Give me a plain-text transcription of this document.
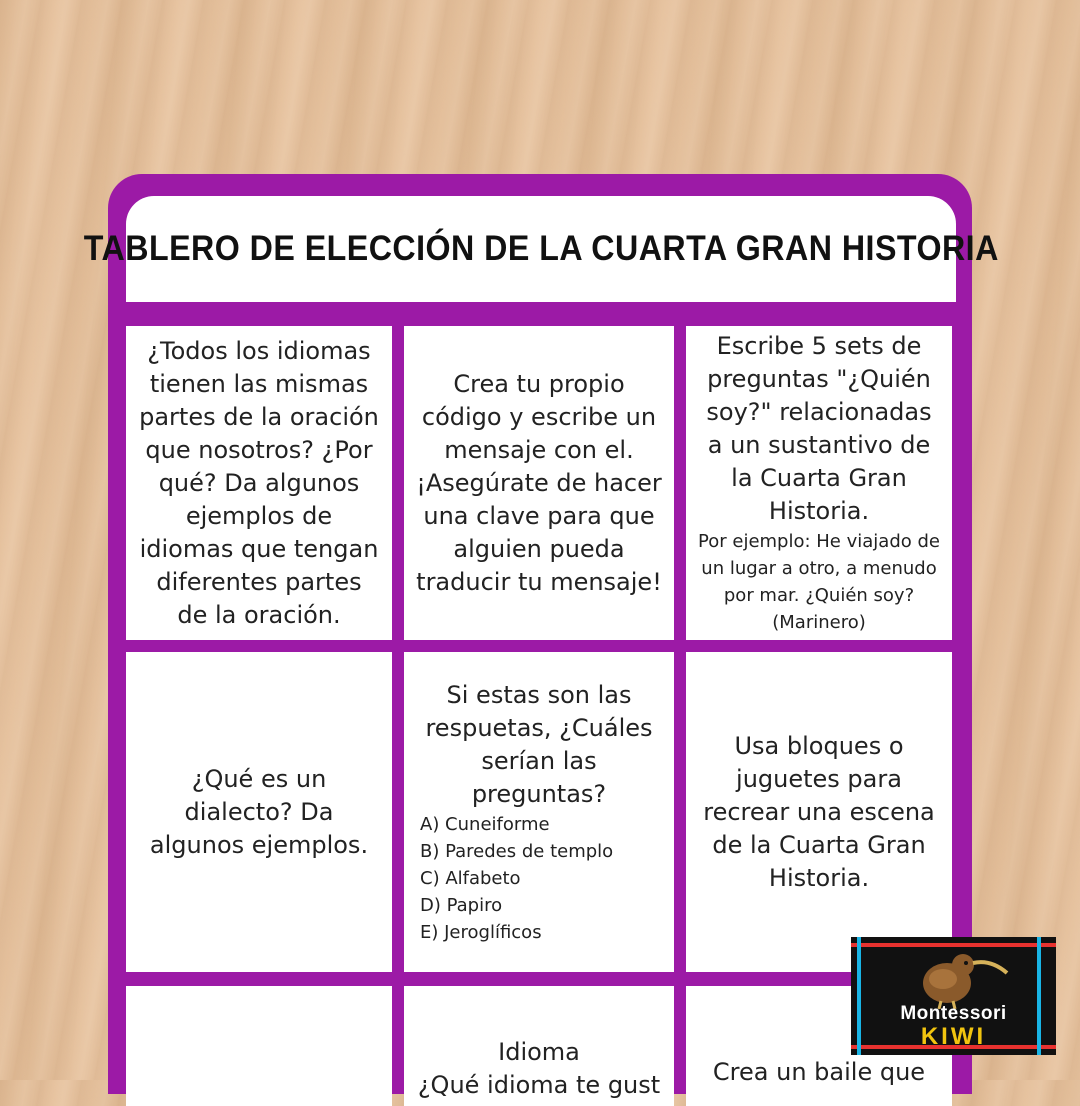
TABLERO DE ELECCIÓN DE LA CUARTA GRAN HISTORIA
¿Todos los idiomas tienen las mismas partes de la oración que nosotros? ¿Por qué? Da algunos ejemplos de idiomas que tengan diferentes partes de la oración.
Crea tu propio código y escribe un mensaje con el. ¡Asegúrate de hacer una clave para que alguien pueda traducir tu mensaje!
Escribe 5 sets de preguntas "¿Quién soy?" relacionadas a un sustantivo de la Cuarta Gran Historia.
Por ejemplo: He viajado de un lugar a otro, a menudo por mar. ¿Quién soy? (Marinero)
¿Qué es un dialecto? Da algunos ejemplos.
Si estas son las respuetas, ¿Cuáles serían las preguntas?
A) Cuneiforme
B) Paredes de templo
C) Alfabeto
D) Papiro
E) Jeroglíficos
Usa bloques o juguetes para recrear una escena de la Cuarta Gran Historia.
Idioma
¿Qué idioma te gust Crea un baile que
Montessori
KIWI
